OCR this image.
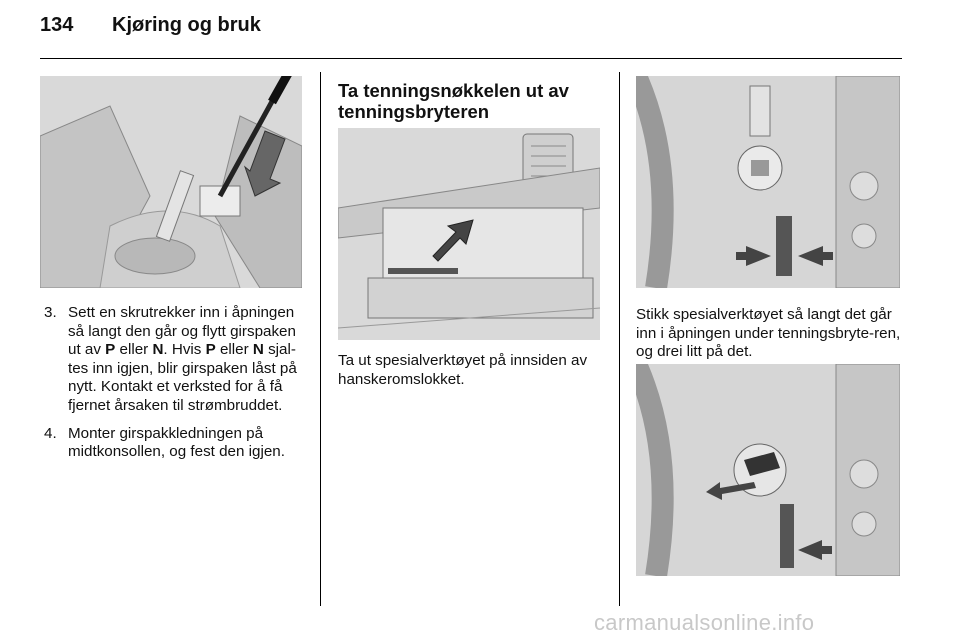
134	Kjøring og bruk
3. Sett en skrutrekker inn i åpningen så langt den går og flytt girspaken ut av P eller N. Hvis P eller N sjal-tes inn igjen, blir girspaken låst på nytt. Kontakt et verksted for å få fjernet årsaken til strømbruddet.
4. Monter girspakkledningen på midtkonsollen, og fest den igjen.
Ta tenningsnøkkelen ut av tenningsbryteren
Ta ut spesialverktøyet på innsiden av hanskeromslokket.
Stikk spesialverktøyet så langt det går inn i åpningen under tenningsbryte-ren, og drei litt på det.
carmanualsonline.info
